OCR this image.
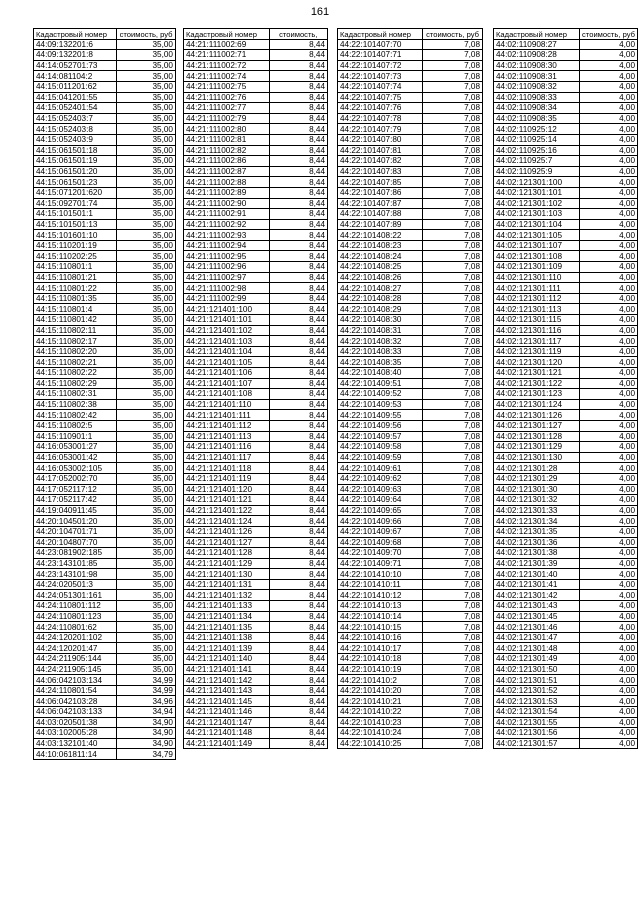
161
Кадастровый номер	стоимость, руб
44:09:132201:6	35,00
44:09:132201:8	35,00
44:14:052701:73	35,00
44:14:081104:2	35,00
44:15:011201:62	35,00
44:15:041201:55	35,00
44:15:052401:54	35,00
44:15:052403:7	35,00
44:15:052403:8	35,00
44:15:052403:9	35,00
44:15:061501:18	35,00
44:15:061501:19	35,00
44:15:061501:20	35,00
44:15:061501:23	35,00
44:15:071201:620	35,00
44:15:092701:74	35,00
44:15:101501:1	35,00
44:15:101501:13	35,00
44:15:101601:10	35,00
44:15:110201:19	35,00
44:15:110202:25	35,00
44:15:110801:1	35,00
44:15:110801:21	35,00
44:15:110801:22	35,00
44:15:110801:35	35,00
44:15:110801:4	35,00
44:15:110801:42	35,00
44:15:110802:11	35,00
44:15:110802:17	35,00
44:15:110802:20	35,00
44:15:110802:21	35,00
44:15:110802:22	35,00
44:15:110802:29	35,00
44:15:110802:31	35,00
44:15:110802:38	35,00
44:15:110802:42	35,00
44:15:110802:5	35,00
44:15:110901:1	35,00
44:16:053001:27	35,00
44:16:053001:42	35,00
44:16:053002:105	35,00
44:17:052002:70	35,00
44:17:052117:12	35,00
44:17:052117:42	35,00
44:19:040911:45	35,00
44:20:104501:20	35,00
44:20:104701:71	35,00
44:20:104807:70	35,00
44:23:081902:185	35,00
44:23:143101:85	35,00
44:23:143101:98	35,00
44:24:020501:3	35,00
44:24:051301:161	35,00
44:24:110801:112	35,00
44:24:110801:123	35,00
44:24:110801:62	35,00
44:24:120201:102	35,00
44:24:120201:47	35,00
44:24:211905:144	35,00
44:24:211905:145	35,00
44:06:042103:134	34,99
44:24:110801:54	34,99
44:06:042103:28	34,96
44:06:042103:133	34,94
44:03:020501:38	34,90
44:03:102005:28	34,90
44:03:132101:40	34,90
44:10:061811:14	34,79
Кадастровый номер	стоимость,
44:21:111002:69	8,44
44:21:111002:71	8,44
44:21:111002:72	8,44
44:21:111002:74	8,44
44:21:111002:75	8,44
44:21:111002:76	8,44
44:21:111002:77	8,44
44:21:111002:79	8,44
44:21:111002:80	8,44
44:21:111002:81	8,44
44:21:111002:82	8,44
44:21:111002:86	8,44
44:21:111002:87	8,44
44:21:111002:88	8,44
44:21:111002:89	8,44
44:21:111002:90	8,44
44:21:111002:91	8,44
44:21:111002:92	8,44
44:21:111002:93	8,44
44:21:111002:94	8,44
44:21:111002:95	8,44
44:21:111002:96	8,44
44:21:111002:97	8,44
44:21:111002:98	8,44
44:21:111002:99	8,44
44:21:121401:100	8,44
44:21:121401:101	8,44
44:21:121401:102	8,44
44:21:121401:103	8,44
44:21:121401:104	8,44
44:21:121401:105	8,44
44:21:121401:106	8,44
44:21:121401:107	8,44
44:21:121401:108	8,44
44:21:121401:110	8,44
44:21:121401:111	8,44
44:21:121401:112	8,44
44:21:121401:113	8,44
44:21:121401:116	8,44
44:21:121401:117	8,44
44:21:121401:118	8,44
44:21:121401:119	8,44
44:21:121401:120	8,44
44:21:121401:121	8,44
44:21:121401:122	8,44
44:21:121401:124	8,44
44:21:121401:126	8,44
44:21:121401:127	8,44
44:21:121401:128	8,44
44:21:121401:129	8,44
44:21:121401:130	8,44
44:21:121401:131	8,44
44:21:121401:132	8,44
44:21:121401:133	8,44
44:21:121401:134	8,44
44:21:121401:135	8,44
44:21:121401:138	8,44
44:21:121401:139	8,44
44:21:121401:140	8,44
44:21:121401:141	8,44
44:21:121401:142	8,44
44:21:121401:143	8,44
44:21:121401:145	8,44
44:21:121401:146	8,44
44:21:121401:147	8,44
44:21:121401:148	8,44
44:21:121401:149	8,44
Кадастровый номер	стоимость, руб
44:22:101407:70	7,08
44:22:101407:71	7,08
44:22:101407:72	7,08
44:22:101407:73	7,08
44:22:101407:74	7,08
44:22:101407:75	7,08
44:22:101407:76	7,08
44:22:101407:78	7,08
44:22:101407:79	7,08
44:22:101407:80	7,08
44:22:101407:81	7,08
44:22:101407:82	7,08
44:22:101407:83	7,08
44:22:101407:85	7,08
44:22:101407:86	7,08
44:22:101407:87	7,08
44:22:101407:88	7,08
44:22:101407:89	7,08
44:22:101408:22	7,08
44:22:101408:23	7,08
44:22:101408:24	7,08
44:22:101408:25	7,08
44:22:101408:26	7,08
44:22:101408:27	7,08
44:22:101408:28	7,08
44:22:101408:29	7,08
44:22:101408:30	7,08
44:22:101408:31	7,08
44:22:101408:32	7,08
44:22:101408:33	7,08
44:22:101408:35	7,08
44:22:101408:40	7,08
44:22:101409:51	7,08
44:22:101409:52	7,08
44:22:101409:53	7,08
44:22:101409:55	7,08
44:22:101409:56	7,08
44:22:101409:57	7,08
44:22:101409:58	7,08
44:22:101409:59	7,08
44:22:101409:61	7,08
44:22:101409:62	7,08
44:22:101409:63	7,08
44:22:101409:64	7,08
44:22:101409:65	7,08
44:22:101409:66	7,08
44:22:101409:67	7,08
44:22:101409:68	7,08
44:22:101409:70	7,08
44:22:101409:71	7,08
44:22:101410:10	7,08
44:22:101410:11	7,08
44:22:101410:12	7,08
44:22:101410:13	7,08
44:22:101410:14	7,08
44:22:101410:15	7,08
44:22:101410:16	7,08
44:22:101410:17	7,08
44:22:101410:18	7,08
44:22:101410:19	7,08
44:22:101410:2	7,08
44:22:101410:20	7,08
44:22:101410:21	7,08
44:22:101410:22	7,08
44:22:101410:23	7,08
44:22:101410:24	7,08
44:22:101410:25	7,08
Кадастровый номер	стоимость, руб
44:02:110908:27	4,00
44:02:110908:28	4,00
44:02:110908:30	4,00
44:02:110908:31	4,00
44:02:110908:32	4,00
44:02:110908:33	4,00
44:02:110908:34	4,00
44:02:110908:35	4,00
44:02:110925:12	4,00
44:02:110925:14	4,00
44:02:110925:16	4,00
44:02:110925:7	4,00
44:02:110925:9	4,00
44:02:121301:100	4,00
44:02:121301:101	4,00
44:02:121301:102	4,00
44:02:121301:103	4,00
44:02:121301:104	4,00
44:02:121301:105	4,00
44:02:121301:107	4,00
44:02:121301:108	4,00
44:02:121301:109	4,00
44:02:121301:110	4,00
44:02:121301:111	4,00
44:02:121301:112	4,00
44:02:121301:113	4,00
44:02:121301:115	4,00
44:02:121301:116	4,00
44:02:121301:117	4,00
44:02:121301:119	4,00
44:02:121301:120	4,00
44:02:121301:121	4,00
44:02:121301:122	4,00
44:02:121301:123	4,00
44:02:121301:124	4,00
44:02:121301:126	4,00
44:02:121301:127	4,00
44:02:121301:128	4,00
44:02:121301:129	4,00
44:02:121301:130	4,00
44:02:121301:28	4,00
44:02:121301:29	4,00
44:02:121301:30	4,00
44:02:121301:32	4,00
44:02:121301:33	4,00
44:02:121301:34	4,00
44:02:121301:35	4,00
44:02:121301:36	4,00
44:02:121301:38	4,00
44:02:121301:39	4,00
44:02:121301:40	4,00
44:02:121301:41	4,00
44:02:121301:42	4,00
44:02:121301:43	4,00
44:02:121301:45	4,00
44:02:121301:46	4,00
44:02:121301:47	4,00
44:02:121301:48	4,00
44:02:121301:49	4,00
44:02:121301:50	4,00
44:02:121301:51	4,00
44:02:121301:52	4,00
44:02:121301:53	4,00
44:02:121301:54	4,00
44:02:121301:55	4,00
44:02:121301:56	4,00
44:02:121301:57	4,00
